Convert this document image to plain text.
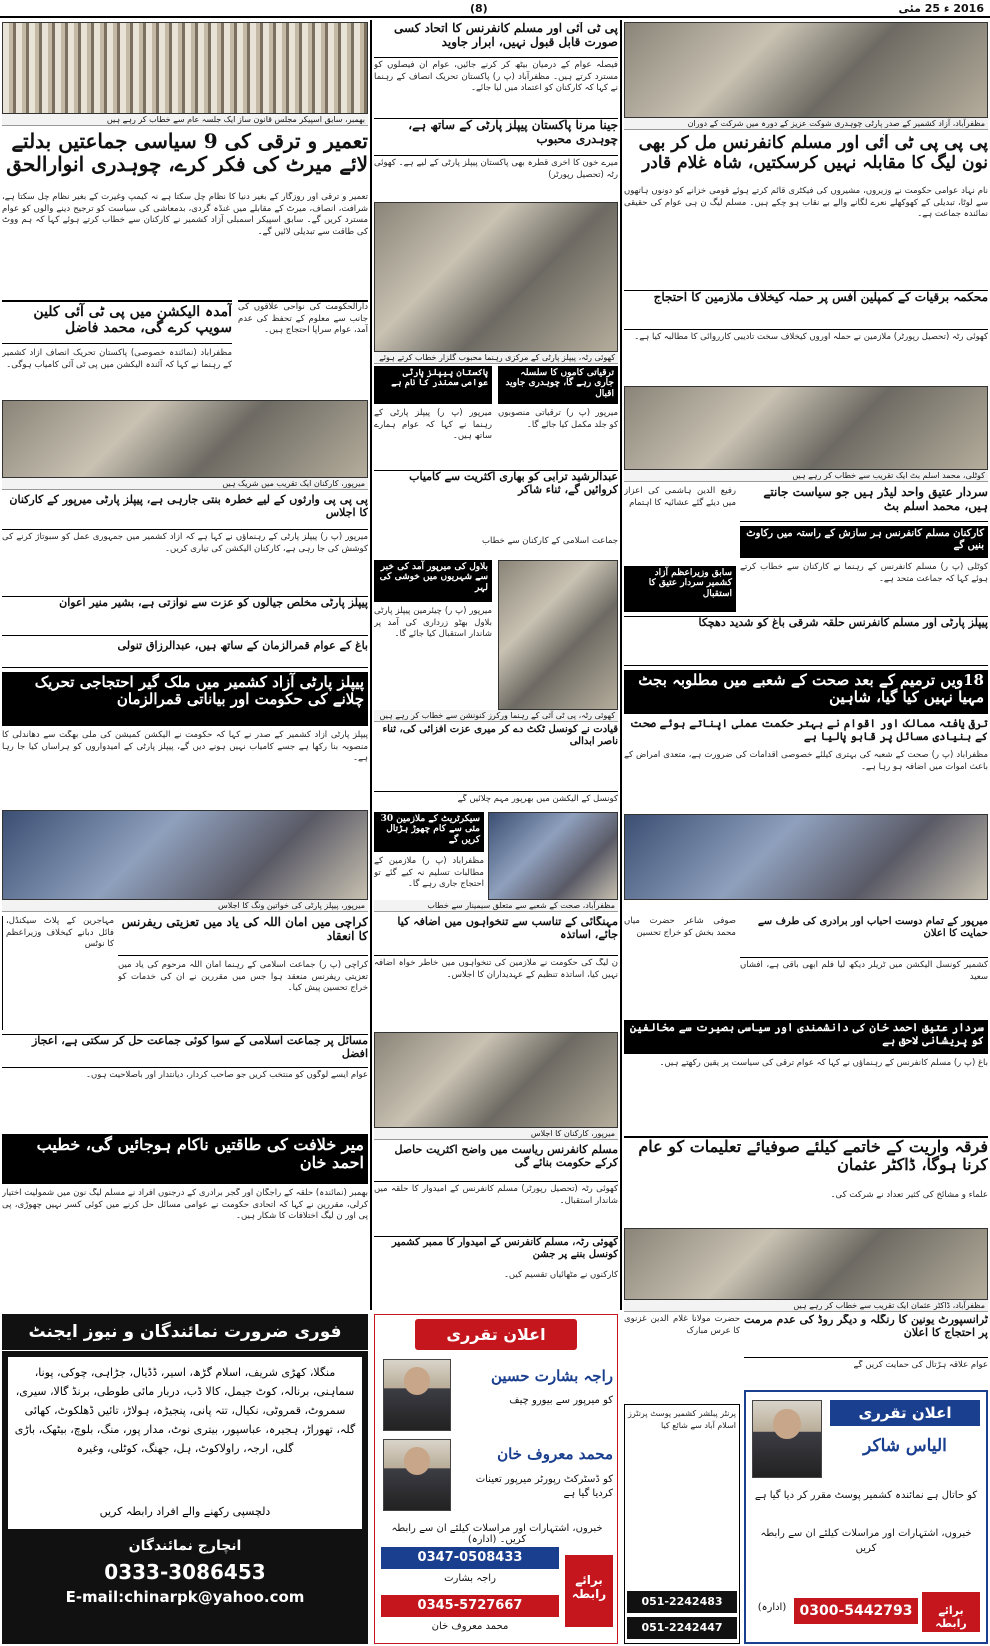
2016 ء 25 مئی
(8)
بھمبر، سابق اسپیکر مجلس قانون ساز ایک جلسہ عام سے خطاب کر رہے ہیں
تعمیر و ترقی کی 9 سیاسی جماعتیں بدلتے لائے میرٹ کی فکر کرے، چوہدری انوارالحق
تعمیر و ترقی اور روزگار کے بغیر دنیا کا نظام چل سکتا ہے نہ کیمپ وغیرت کے بغیر نظام چل سکتا ہے، شرافت، انصاف، میرٹ کے مقابلے میں غنڈہ گردی، بدمعاشی کی سیاست کو ترجیح دینے والوں کو عوام مسترد کریں گے۔ سابق اسپیکر اسمبلی آزاد کشمیر نے کارکنان سے خطاب کرتے ہوئے کہا کہ ہم ووٹ کی طاقت سے تبدیلی لائیں گے۔
آمدہ الیکشن میں پی ٹی آئی کلین سویپ کرے گی، محمد فاضل
مظفرآباد (نمائندہ خصوصی) پاکستان تحریک انصاف آزاد کشمیر کے رہنما نے کہا کہ آئندہ الیکشن میں پی ٹی آئی کامیاب ہوگی۔
دارالحکومت کی نواحی علاقوں کی جانب سے معلوم کے تحفظ کی عدم آمد، عوام سراپا احتجاج ہیں۔
میرپور، کارکنان ایک تقریب میں شریک ہیں
پی پی پی وارثوں کے لیے خطرہ بنتی جارہی ہے، پیپلز پارٹی میرپور کے کارکنان کا اجلاس
میرپور (پ ر) پیپلز پارٹی کے رہنماؤں نے کہا ہے کہ آزاد کشمیر میں جمہوری عمل کو سبوتاژ کرنے کی کوشش کی جا رہی ہے، کارکنان الیکشن کی تیاری کریں۔
پیپلز پارٹی مخلص جیالوں کو عزت سے نوازتی ہے، بشیر منیر اعوان
باغ کے عوام قمرالزمان کے ساتھ ہیں، عبدالرزاق تنولی
پیپلز پارٹی آزاد کشمیر میں ملک گیر احتجاجی تحریک چلانے کی حکومت اور بیاناتی قمرالزمان
پیپلز پارٹی آزاد کشمیر کے صدر نے کہا کہ حکومت نے الیکشن کمیشن کی ملی بھگت سے دھاندلی کا منصوبہ بنا رکھا ہے جسے کامیاب نہیں ہونے دیں گے، پیپلز پارٹی کے امیدواروں کو ہراساں کیا جا رہا ہے۔
میرپور، پیپلز پارٹی کی خواتین ونگ کا اجلاس
کراچی میں امان اللہ کی یاد میں تعزیتی ریفرنس کا انعقاد
کراچی (پ ر) جماعت اسلامی کے رہنما امان اللہ مرحوم کی یاد میں تعزیتی ریفرنس منعقد ہوا جس میں مقررین نے ان کی خدمات کو خراج تحسین پیش کیا۔
مہاجرین کے پلاٹ سیکنڈل، فائل دبانے کیخلاف وزیراعظم کا نوٹس
مسائل پر جماعت اسلامی کے سوا کوئی جماعت حل کر سکتی ہے، اعجاز افضل
عوام ایسے لوگوں کو منتخب کریں جو صاحب کردار، دیانتدار اور باصلاحیت ہوں۔
میر خلافت کی طاقتیں ناکام ہوجائیں گی، خطیب احمد خان
بھمبر (نمائندہ) حلقہ کے راجگان اور گجر برادری کے درجنوں افراد نے مسلم لیگ نون میں شمولیت اختیار کرلی، مقررین نے کہا کہ اتحادی حکومت نے عوامی مسائل حل کرنے میں کوئی کسر نہیں چھوڑی، پی پی اور ن لیگ اختلافات کا شکار ہیں۔
فوری ضرورت نمائندگان و نیوز ایجنٹ
منگلا، کھڑی شریف، اسلام گڑھ، اسیر، ڈڈیال، جڑاہی، چوکی، پونا، سماہنی، برنالہ، کوٹ جیمل، کالا ڈب، دربار مائی طوطی، برنڈ گالا، سیری، سمروٹ، قمروٹی، نکیال، تتہ پانی، پنجیڑہ، ہولاڑ، تائیں ڈھلکوٹ، کھائی گلہ، تھوراڑ، ہجیرہ، عباسپور، بیتری نوٹ، مدار پور، منگ، بلوچ، بیٹھک، باڑی گلی، ارجہ، راولاکوٹ، ہل، جھنگ، کوٹلی، وغیرہ
دلچسپی رکھنے والے افراد رابطہ کریں
انچارج نمائندگان
0333-3086453
E-mail:chinarpk@yahoo.com
پی ٹی آئی اور مسلم کانفرنس کا اتحاد کسی صورت قابل قبول نہیں، ابرار جاوید
فیصلہ عوام کے درمیان بیٹھ کر کرنے جائیں، عوام ان فیصلوں کو مسترد کرتے ہیں۔ مظفرآباد (پ ر) پاکستان تحریک انصاف کے رہنما نے کہا کہ کارکنان کو اعتماد میں لیا جائے۔
جینا مرنا پاکستان پیپلز پارٹی کے ساتھ ہے، چوہدری محبوب
میرے خون کا آخری قطرہ بھی پاکستان پیپلز پارٹی کے لیے ہے۔ کھوئی رٹہ (تحصیل رپورٹر)
کھوئی رٹہ، پیپلز پارٹی کے مرکزی رہنما محبوب گلزار خطاب کرتے ہوئے
پاکستان پیپلز پارٹی عوامی سمندر کا نام ہے
ترقیاتی کاموں کا سلسلہ جاری رہے گا، چوہدری جاوید اقبال
میرپور (پ ر) پیپلز پارٹی کے رہنما نے کہا کہ عوام ہمارے ساتھ ہیں۔
میرپور (پ ر) ترقیاتی منصوبوں کو جلد مکمل کیا جائے گا۔
عبدالرشید ترابی کو بھاری اکثریت سے کامیاب کروائیں گے، ثناء شاکر
جماعت اسلامی کے کارکنان سے خطاب
بلاول کی میرپور آمد کی خبر سے شہریوں میں خوشی کی لہر
میرپور (پ ر) چیئرمین پیپلز پارٹی بلاول بھٹو زرداری کی آمد پر شاندار استقبال کیا جائے گا۔
کھوئی رٹہ، پی ٹی آئی کے رہنما ورکرز کنونشن سے خطاب کر رہے ہیں
قیادت نے کونسل ٹکٹ دے کر میری عزت افزائی کی، ثناء ناصر ابدالی
کونسل کے الیکشن میں بھرپور مہم چلائیں گے
سیکرٹریٹ کے ملازمین 30 مئی سے کام چھوڑ ہڑتال کریں گے
مظفرآباد (پ ر) ملازمین کے مطالبات تسلیم نہ کیے گئے تو احتجاج جاری رہے گا۔
مظفرآباد، صحت کے شعبے سے متعلق سیمینار سے خطاب
مہنگائی کے تناسب سے تنخواہوں میں اضافہ کیا جائے، اساتذہ
ن لیگ کی حکومت نے ملازمین کی تنخواہوں میں خاطر خواہ اضافہ نہیں کیا، اساتذہ تنظیم کے عہدیداران کا اجلاس۔
میرپور، کارکنان کا اجلاس
مسلم کانفرنس ریاست میں واضح اکثریت حاصل کرکے حکومت بنائے گی
کھوئی رٹہ (تحصیل رپورٹر) مسلم کانفرنس کے امیدوار کا حلقہ میں شاندار استقبال۔
کھوئی رٹہ، مسلم کانفرنس کے امیدوار کا ممبر کشمیر کونسل بننے پر جشن
کارکنوں نے مٹھائیاں تقسیم کیں۔
اعلان تقرری
راجہ بشارت حسین
کو میرپور سے بیورو چیف
محمد معروف خان
کو ڈسٹرکٹ رپورٹر میرپور تعینات کردیا گیا ہے
خبروں، اشتہارات اور مراسلات کیلئے ان سے رابطہ کریں۔ (ادارہ)
0347-0508433
راجہ بشارت
0345-5727667
محمد معروف خان
برائے رابطہ
مظفرآباد، آزاد کشمیر کے صدر پارٹی چوہدری شوکت عزیز کے دورہ میں شرکت کے دوران
پی پی پی ٹی آئی اور مسلم کانفرنس مل کر بھی نون لیگ کا مقابلہ نہیں کرسکتیں، شاہ غلام قادر
نام نہاد عوامی حکومت نے وزیروں، مشیروں کی فیکٹری قائم کرتے ہوئے قومی خزانے کو دونوں ہاتھوں سے لوٹا، تبدیلی کے کھوکھلے نعرے لگانے والے بے نقاب ہو چکے ہیں۔ مسلم لیگ ن ہی عوام کی حقیقی نمائندہ جماعت ہے۔
محکمہ برقیات کے کمپلین آفس پر حملہ کیخلاف ملازمین کا احتجاج
کھوئی رٹہ (تحصیل رپورٹر) ملازمین نے حملہ آوروں کیخلاف سخت تادیبی کارروائی کا مطالبہ کیا ہے۔
کوٹلی، محمد اسلم بٹ ایک تقریب سے خطاب کر رہے ہیں
سردار عتیق واحد لیڈر ہیں جو سیاست جانتے ہیں، محمد اسلم بٹ
کارکنان مسلم کانفرنس ہر سازش کے راستہ میں رکاوٹ بنیں گے
کوٹلی (پ ر) مسلم کانفرنس کے رہنما نے کارکنان سے خطاب کرتے ہوئے کہا کہ جماعت متحد ہے۔
رفیع الدین ہاشمی کی اعزاز میں دیئے گئے عشائیہ کا اہتمام
سابق وزیراعظم آزاد کشمیر سردار عتیق کا استقبال
پیپلز پارٹی اور مسلم کانفرنس حلقہ شرقی باغ کو شدید دھچکا
18ویں ترمیم کے بعد صحت کے شعبے میں مطلوبہ بجٹ مہیا نہیں کیا گیا، شاہین
ترقی یافتہ ممالک اور اقوام نے بہتر حکمت عملی اپناتے ہوئے صحت کے بنیادی مسائل پر قابو پالیا ہے
مظفرآباد (پ ر) صحت کے شعبہ کی بہتری کیلئے خصوصی اقدامات کی ضرورت ہے، متعدی امراض کے باعث اموات میں اضافہ ہو رہا ہے۔
میرپور کے تمام دوست احباب اور برادری کی طرف سے حمایت کا اعلان
کشمیر کونسل الیکشن میں ٹریلر دیکھ لیا فلم ابھی باقی ہے، افشاں سعید
صوفی شاعر حضرت میاں محمد بخش کو خراج تحسین
سردار عتیق احمد خان کی دانشمندی اور سیاسی بصیرت سے مخالفین کو پریشانی لاحق ہے
باغ (پ ر) مسلم کانفرنس کے رہنماؤں نے کہا کہ عوام ترقی کی سیاست پر یقین رکھتے ہیں۔
فرقہ واریت کے خاتمے کیلئے صوفیائے تعلیمات کو عام کرنا ہوگا، ڈاکٹر عثمان
علماء و مشائخ کی کثیر تعداد نے شرکت کی۔
مظفرآباد، ڈاکٹر عثمان ایک تقریب سے خطاب کر رہے ہیں
ٹرانسپورٹ یونین کا رنگلہ و دیگر روڈ کی عدم مرمت پر احتجاج کا اعلان
عوام علاقہ ہڑتال کی حمایت کریں گے
حضرت مولانا غلام الدین غزنوی کا عرس مبارک
پرنٹر پبلشر کشمیر پوسٹ پرنٹرز اسلام آباد سے شائع کیا
051-2242483
051-2242447
اعلان تقرری
الیاس شاکر
کو حاتال ہے نمائندہ کشمیر پوسٹ مقرر کر دیا گیا ہے
خبروں، اشتہارات اور مراسلات کیلئے ان سے رابطہ کریں
برائے رابطہ
0300-5442793
(ادارہ)
